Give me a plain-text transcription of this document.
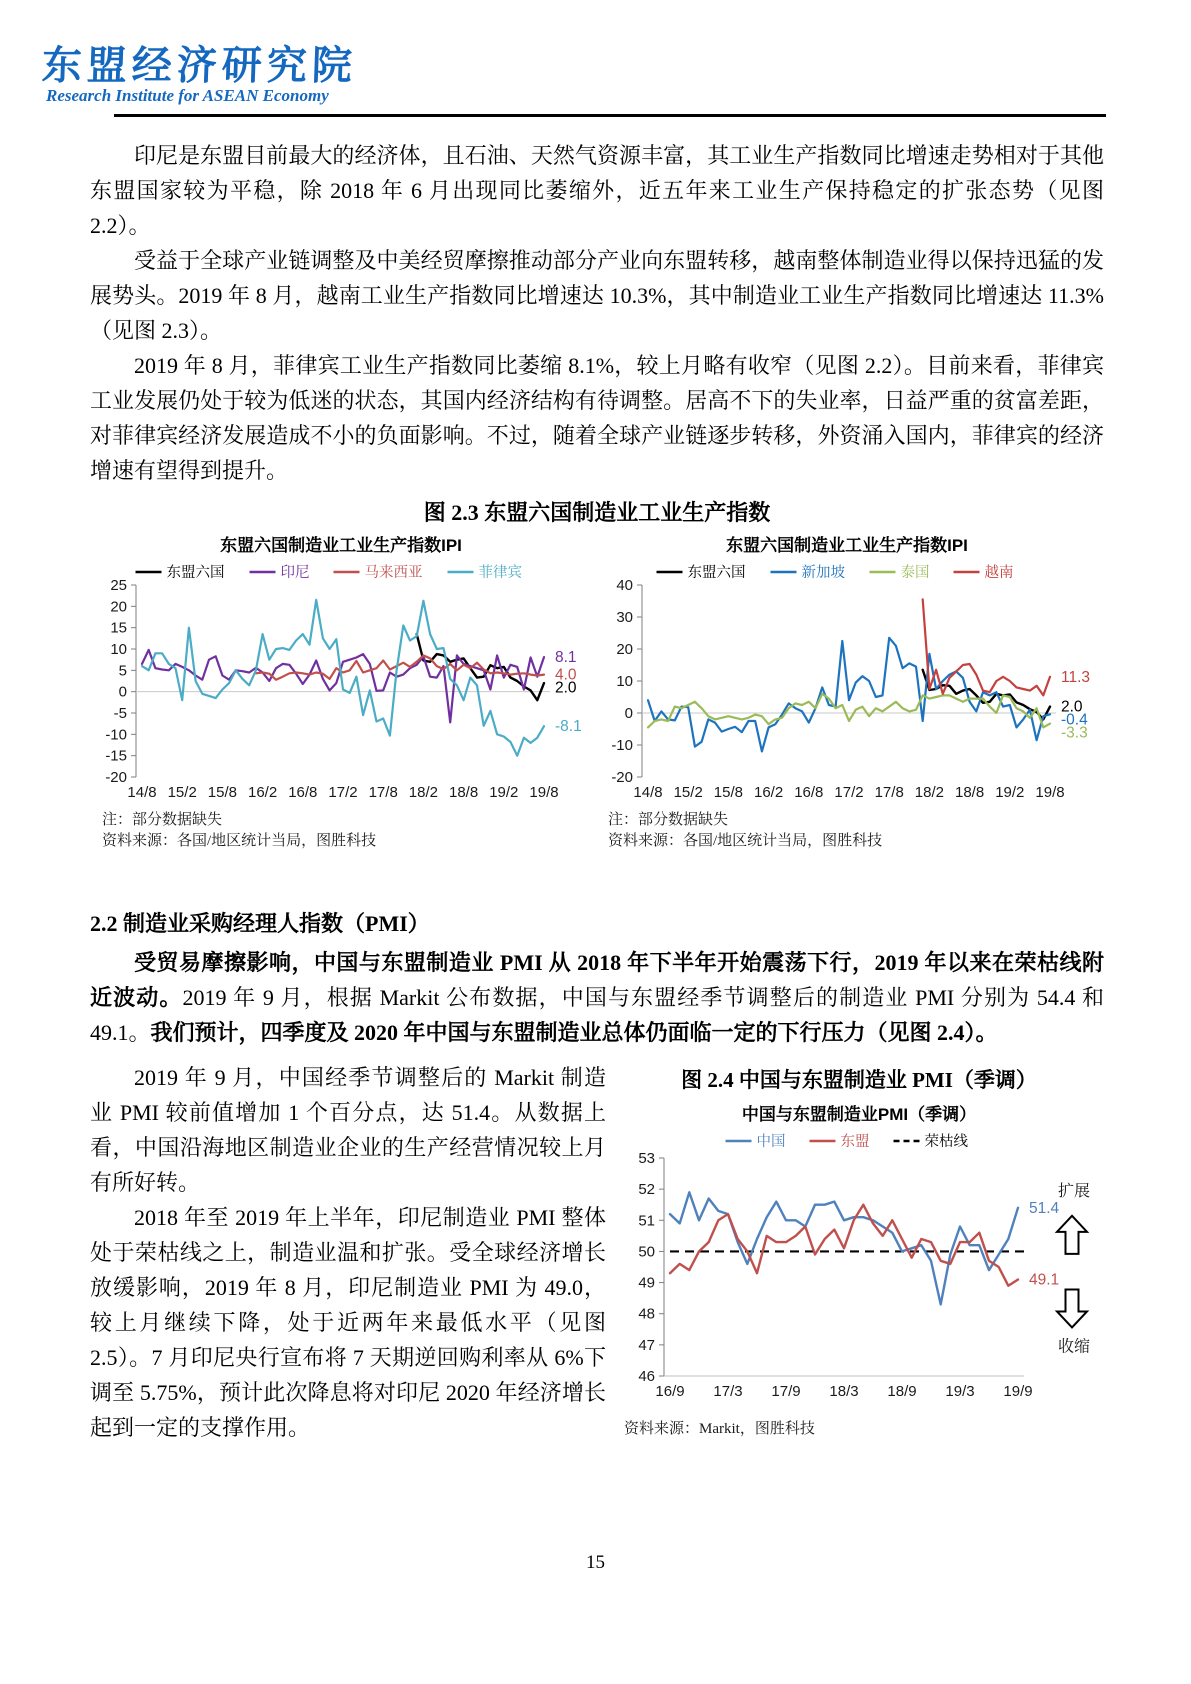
东盟经济研究院
Research Institute for ASEAN Economy

印尼是东盟目前最大的经济体，且石油、天然气资源丰富，其工业生产指数同比增速走势相对于其他东盟国家较为平稳，除 2018 年 6 月出现同比萎缩外，近五年来工业生产保持稳定的扩张态势（见图 2.2）。

受益于全球产业链调整及中美经贸摩擦推动部分产业向东盟转移，越南整体制造业得以保持迅猛的发展势头。2019 年 8 月，越南工业生产指数同比增速达 10.3%，其中制造业工业生产指数同比增速达 11.3%（见图 2.3）。

2019 年 8 月，菲律宾工业生产指数同比萎缩 8.1%，较上月略有收窄（见图 2.2）。目前来看，菲律宾工业发展仍处于较为低迷的状态，其国内经济结构有待调整。居高不下的失业率，日益严重的贫富差距，对菲律宾经济发展造成不小的负面影响。不过，随着全球产业链逐步转移，外资涌入国内，菲律宾的经济增速有望得到提升。

图 2.3 东盟六国制造业工业生产指数
东盟六国制造业工业生产指数IPI
东盟六国	印尼	马来西亚	菲律宾
25
20
15
10
5
0
-5
-10
-15
-20
14/8 15/2 15/8 16/2 16/8 17/2 17/8 18/2 18/8 19/2 19/8
8.1
4.0
2.0
-8.1
注：部分数据缺失
资料来源：各国/地区统计当局，图胜科技
东盟六国制造业工业生产指数IPI
东盟六国	新加坡	泰国	越南
40
30
20
10
0
-10
-20
14/8 15/2 15/8 16/2 16/8 17/2 17/8 18/2 18/8 19/2 19/8
11.3
2.0
-0.4
-3.3
注：部分数据缺失
资料来源：各国/地区统计当局，图胜科技

2.2 制造业采购经理人指数（PMI）

受贸易摩擦影响，中国与东盟制造业 PMI 从 2018 年下半年开始震荡下行，2019 年以来在荣枯线附近波动。2019 年 9 月，根据 Markit 公布数据，中国与东盟经季节调整后的制造业 PMI 分别为 54.4 和 49.1。我们预计，四季度及 2020 年中国与东盟制造业总体仍面临一定的下行压力（见图 2.4）。

2019 年 9 月，中国经季节调整后的 Markit 制造业 PMI 较前值增加 1 个百分点，达 51.4。从数据上看，中国沿海地区制造业企业的生产经营情况较上月有所好转。

2018 年至 2019 年上半年，印尼制造业 PMI 整体处于荣枯线之上，制造业温和扩张。受全球经济增长放缓影响，2019 年 8 月，印尼制造业 PMI 为 49.0，较上月继续下降，处于近两年来最低水平（见图 2.5）。7 月印尼央行宣布将 7 天期逆回购利率从 6%下调至 5.75%，预计此次降息将对印尼 2020 年经济增长起到一定的支撑作用。

图 2.4 中国与东盟制造业 PMI（季调）
中国与东盟制造业PMI（季调）
中国	东盟	荣枯线
53
52
51
50
49
48
47
46
16/9 17/3 17/9 18/3 18/9 19/3 19/9
51.4
49.1
扩展
收缩
资料来源：Markit，图胜科技
15
